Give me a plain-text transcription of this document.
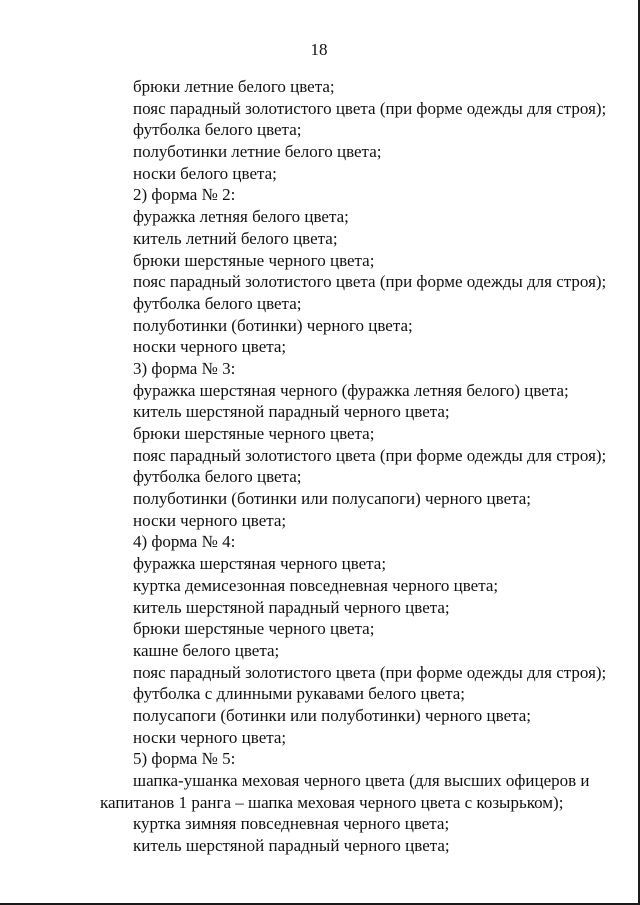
18
брюки летние белого цвета;
пояс парадный золотистого цвета (при форме одежды для строя);
футболка белого цвета;
полуботинки летние белого цвета;
носки белого цвета;
2) форма № 2:
фуражка летняя белого цвета;
китель летний белого цвета;
брюки шерстяные черного цвета;
пояс парадный золотистого цвета (при форме одежды для строя);
футболка белого цвета;
полуботинки (ботинки) черного цвета;
носки черного цвета;
3) форма № 3:
фуражка шерстяная черного (фуражка летняя белого) цвета;
китель шерстяной парадный черного цвета;
брюки шерстяные черного цвета;
пояс парадный золотистого цвета (при форме одежды для строя);
футболка белого цвета;
полуботинки (ботинки или полусапоги) черного цвета;
носки черного цвета;
4) форма № 4:
фуражка шерстяная черного цвета;
куртка демисезонная повседневная черного цвета;
китель шерстяной парадный черного цвета;
брюки шерстяные черного цвета;
кашне белого цвета;
пояс парадный золотистого цвета (при форме одежды для строя);
футболка с длинными рукавами белого цвета;
полусапоги (ботинки или полуботинки) черного цвета;
носки черного цвета;
5) форма № 5:
шапка-ушанка меховая черного цвета (для высших офицеров и
капитанов 1 ранга – шапка меховая черного цвета с козырьком);
куртка зимняя повседневная черного цвета;
китель шерстяной парадный черного цвета;
